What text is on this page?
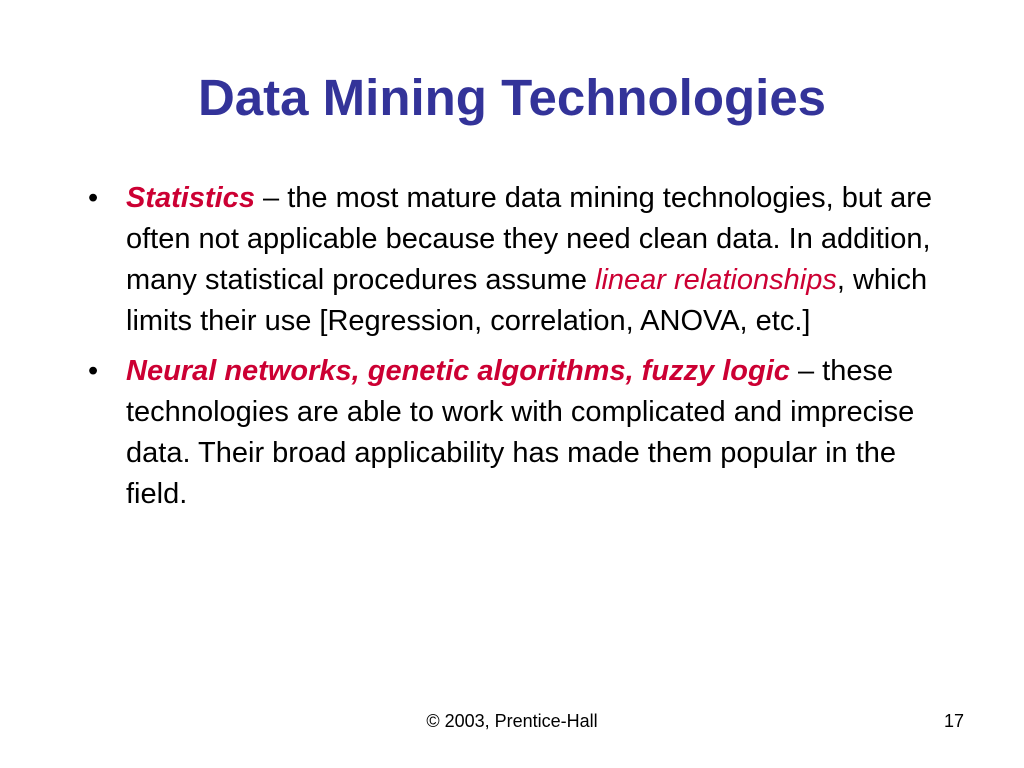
Data Mining Technologies
• Statistics – the most mature data mining technologies, but are often not applicable because they need clean data. In addition, many statistical procedures assume linear relationships, which limits their use [Regression, correlation, ANOVA, etc.]
• Neural networks, genetic algorithms, fuzzy logic – these technologies are able to work with complicated and imprecise data. Their broad applicability has made them popular in the field.
© 2003, Prentice-Hall	17
